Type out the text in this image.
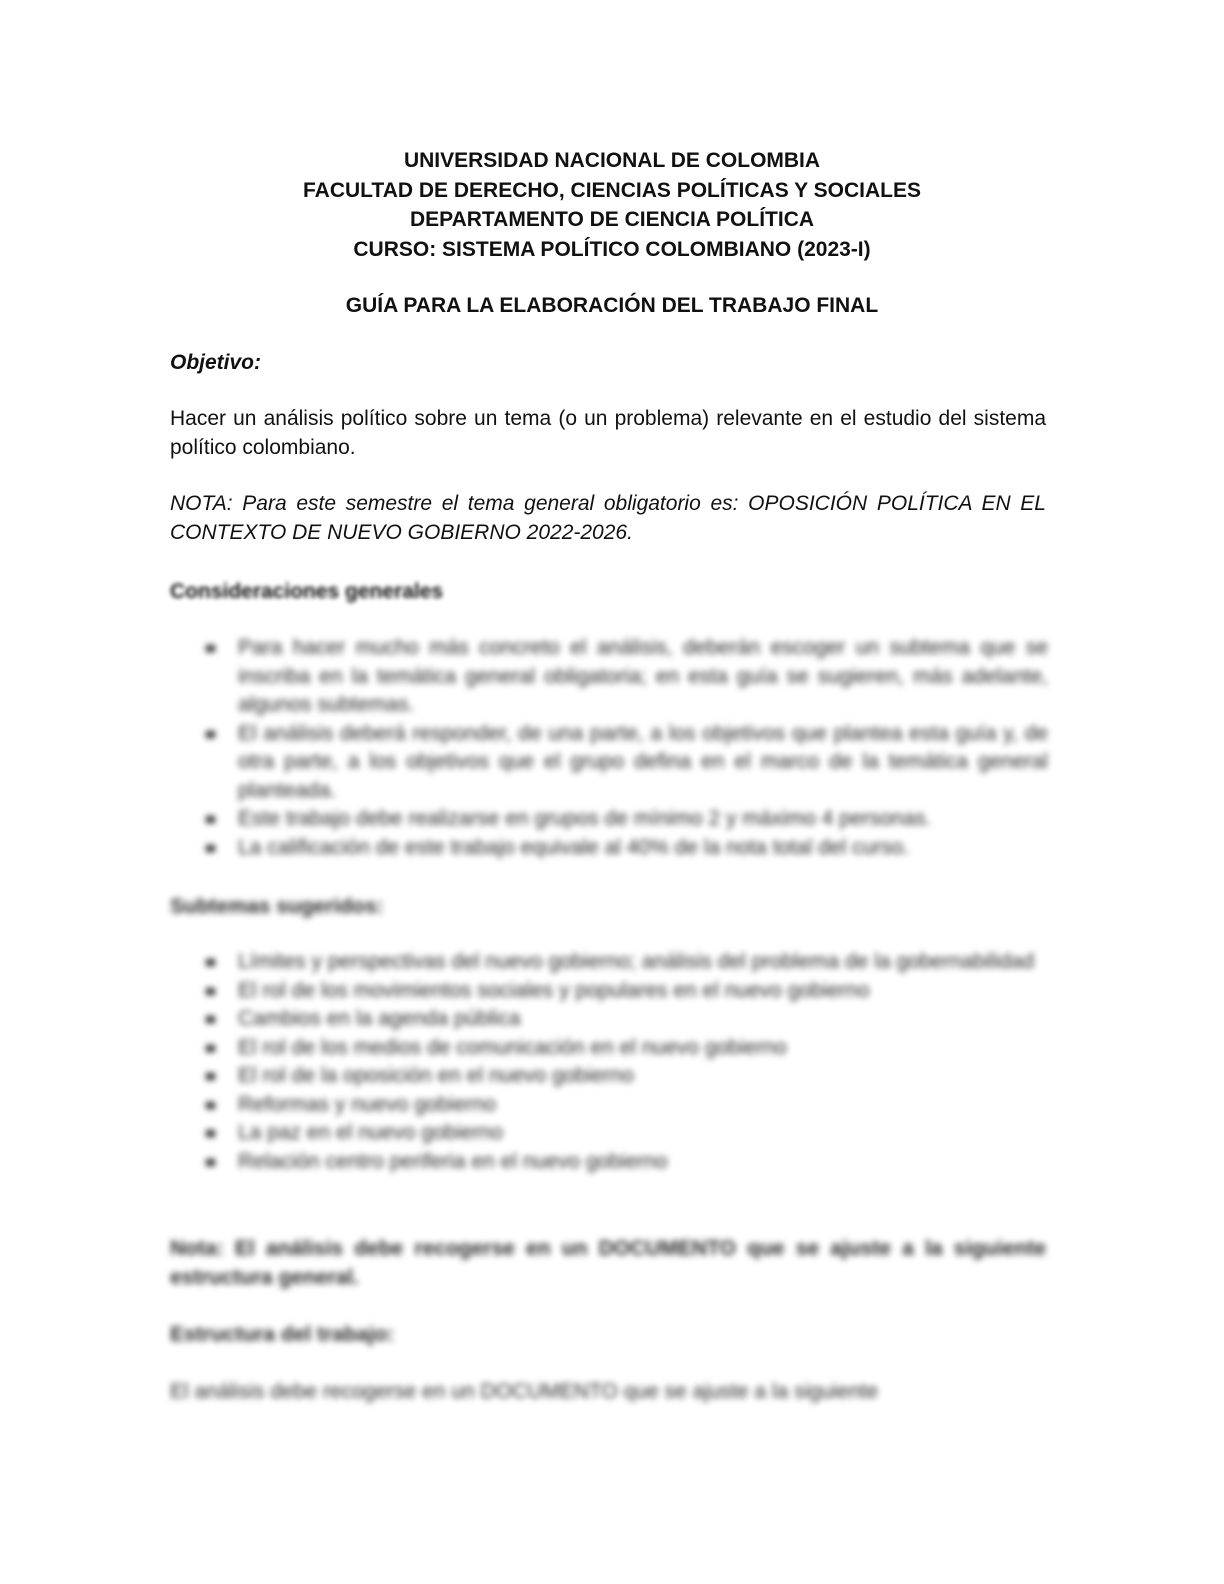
UNIVERSIDAD NACIONAL DE COLOMBIA
FACULTAD DE DERECHO, CIENCIAS POLÍTICAS Y SOCIALES
DEPARTAMENTO DE CIENCIA POLÍTICA
CURSO: SISTEMA POLÍTICO COLOMBIANO (2023-I)
GUÍA PARA LA ELABORACIÓN DEL TRABAJO FINAL
Objetivo:
Hacer un análisis político sobre un tema (o un problema) relevante en el estudio del sistema político colombiano.
NOTA: Para este semestre el tema general obligatorio es: OPOSICIÓN POLÍTICA EN EL CONTEXTO DE NUEVO GOBIERNO 2022-2026.
Consideraciones generales
Para hacer mucho más concreto el análisis, deberán escoger un subtema que se inscriba en la temática general obligatoria; en esta guía se sugieren, más adelante, algunos subtemas.
El análisis deberá responder, de una parte, a los objetivos que plantea esta guía y, de otra parte, a los objetivos que el grupo defina en el marco de la temática general planteada.
Este trabajo debe realizarse en grupos de mínimo 2 y máximo 4 personas.
La calificación de este trabajo equivale al 40% de la nota total del curso.
Subtemas sugeridos:
Límites y perspectivas del nuevo gobierno; análisis del problema de la gobernabilidad
El rol de los movimientos sociales y populares en el nuevo gobierno
Cambios en la agenda pública
El rol de los medios de comunicación en el nuevo gobierno
El rol de la oposición en el nuevo gobierno
Reformas y nuevo gobierno
La paz en el nuevo gobierno
Relación centro periferia en el nuevo gobierno
Nota: El análisis debe recogerse en un DOCUMENTO que se ajuste a la siguiente estructura general.
Estructura del trabajo:
El análisis debe recogerse en un DOCUMENTO que se ajuste a la siguiente
